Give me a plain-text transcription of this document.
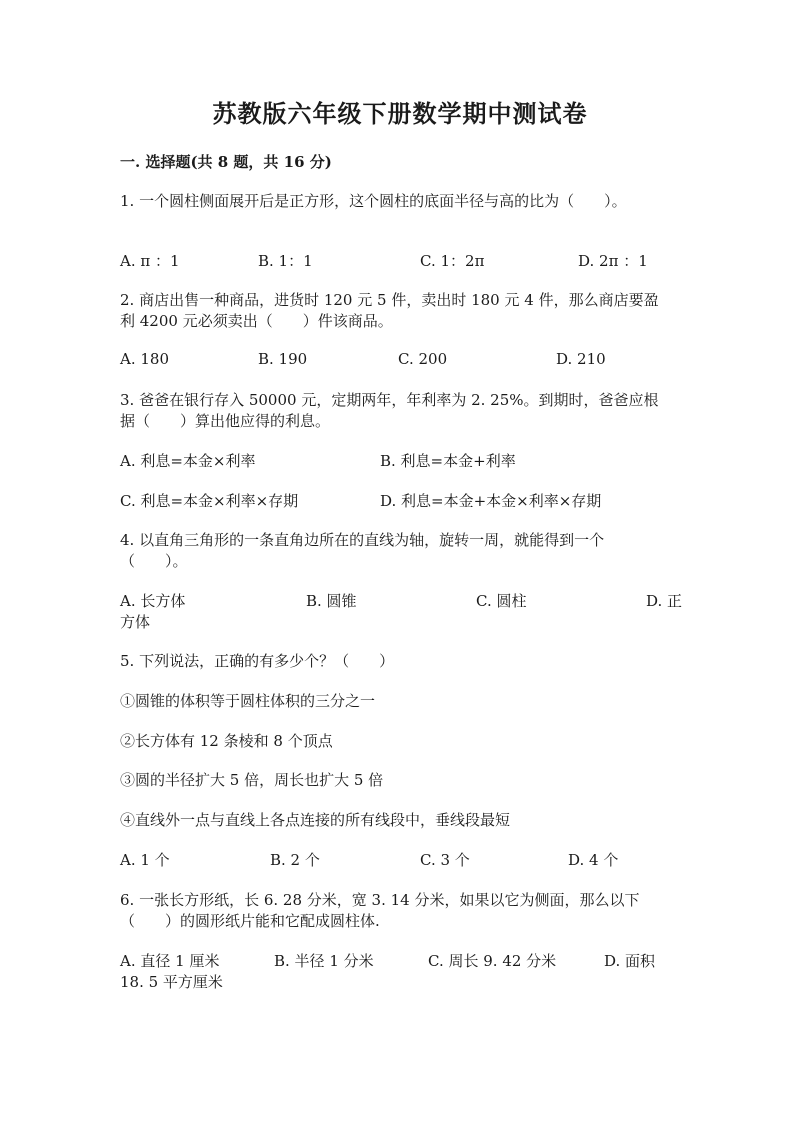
苏教版六年级下册数学期中测试卷
一. 选择题(共 8 题，共 16 分)
1. 一个圆柱侧面展开后是正方形，这个圆柱的底面半径与高的比为（　　）。
A. π ：1	B. 1：1	C. 1：2π	D. 2π ：1
2. 商店出售一种商品，进货时 120 元 5 件，卖出时 180 元 4 件，那么商店要盈
利 4200 元必须卖出（　　）件该商品。
A. 180	B. 190	C. 200	D. 210
3. 爸爸在银行存入 50000 元，定期两年，年利率为 2. 25%。到期时，爸爸应根
据（　　）算出他应得的利息。
A. 利息=本金×利率	B. 利息=本金+利率
C. 利息=本金×利率×存期	D. 利息=本金+本金×利率×存期
4. 以直角三角形的一条直角边所在的直线为轴，旋转一周，就能得到一个
（　　）。
A. 长方体	B. 圆锥	C. 圆柱	D. 正
方体
5. 下列说法，正确的有多少个？（　　）
①圆锥的体积等于圆柱体积的三分之一
②长方体有 12 条棱和 8 个顶点
③圆的半径扩大 5 倍，周长也扩大 5 倍
④直线外一点与直线上各点连接的所有线段中，垂线段最短
A. 1 个	B. 2 个	C. 3 个	D. 4 个
6. 一张长方形纸，长 6. 28 分米，宽 3. 14 分米，如果以它为侧面，那么以下
（　　）的圆形纸片能和它配成圆柱体.
A. 直径 1 厘米	B. 半径 1 分米	C. 周长 9. 42 分米	D. 面积
18. 5 平方厘米
